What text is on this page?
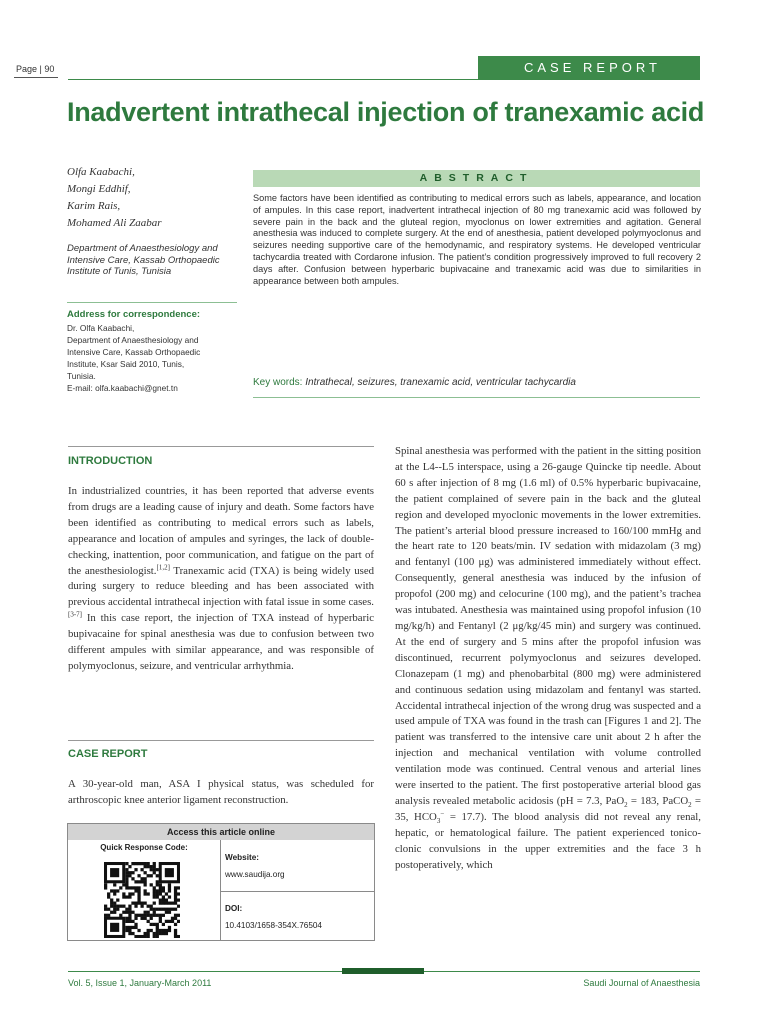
Page | 90	CASE REPORT
Inadvertent intrathecal injection of tranexamic acid
Olfa Kaabachi,
Mongi Eddhif,
Karim Rais,
Mohamed Ali Zaabar
Department of Anaesthesiology and Intensive Care, Kassab Orthopaedic Institute of Tunis, Tunisia
Address for correspondence:
Dr. Olfa Kaabachi,
Department of Anaesthesiology and
Intensive Care, Kassab Orthopaedic
Institute, Ksar Said 2010, Tunis,
Tunisia.
E-mail: olfa.kaabachi@gnet.tn
ABSTRACT
Some factors have been identified as contributing to medical errors such as labels, appearance, and location of ampules. In this case report, inadvertent intrathecal injection of 80 mg tranexamic acid was followed by severe pain in the back and the gluteal region, myoclonus on lower extremities and agitation. General anesthesia was induced to complete surgery. At the end of anesthesia, patient developed polymyoclonus and seizures needing supportive care of the hemodynamic, and respiratory systems. He developed ventricular tachycardia treated with Cordarone infusion. The patient’s condition progressively improved to full recovery 2 days after. Confusion between hyperbaric bupivacaine and tranexamic acid was due to similarities in appearance between both ampules.
Key words: Intrathecal, seizures, tranexamic acid, ventricular tachycardia
INTRODUCTION
In industrialized countries, it has been reported that adverse events from drugs are a leading cause of injury and death. Some factors have been identified as contributing to medical errors such as labels, appearance and location of ampules and syringes, the lack of double-checking, inattention, poor communication, and fatigue on the part of the anesthesiologist.[1,2] Tranexamic acid (TXA) is being widely used during surgery to reduce bleeding and has been associated with previous accidental intrathecal injection with fatal issue in some cases.[3-7] In this case report, the injection of TXA instead of hyperbaric bupivacaine for spinal anesthesia was due to confusion between two different ampules with similar appearance, and was responsible of polymyoclonus, seizure, and ventricular arrhythmia.
CASE REPORT
A 30-year-old man, ASA I physical status, was scheduled for arthroscopic knee anterior ligament reconstruction.
Access this article online
Quick Response Code:
Website:
www.saudija.org
DOI:
10.4103/1658-354X.76504
Spinal anesthesia was performed with the patient in the sitting position at the L4--L5 interspace, using a 26-gauge Quincke tip needle. About 60 s after injection of 8 mg (1.6 ml) of 0.5% hyperbaric bupivacaine, the patient complained of severe pain in the back and the gluteal region and developed myoclonic movements in the lower extremities. The patient’s arterial blood pressure increased to 160/100 mmHg and the heart rate to 120 beats/min. IV sedation with midazolam (3 mg) and fentanyl (100 μg) was administered immediately without effect. Consequently, general anesthesia was induced by the infusion of propofol (200 mg) and celocurine (100 mg), and the patient’s trachea was intubated. Anesthesia was maintained using propofol infusion (10 mg/kg/h) and Fentanyl (2 μg/kg/45 min) and surgery was continued. At the end of surgery and 5 mins after the propofol infusion was discontinued, recurrent polymyoclonus and seizures developed. Clonazepam (1 mg) and phenobarbital (800 mg) were administered and continuous sedation using midazolam and fentanyl was started. Accidental intrathecal injection of the wrong drug was suspected and a used ampule of TXA was found in the trash can [Figures 1 and 2]. The patient was transferred to the intensive care unit about 2 h after the injection and mechanical ventilation with volume controlled ventilation mode was continued. Central venous and arterial lines were inserted to the patient. The first postoperative arterial blood gas analysis revealed metabolic acidosis (pH = 7.3, PaO$_2$ = 183, PaCO$_2$ = 35, $HCO_3^- = 17.7$). The blood analysis did not reveal any renal, hepatic, or hematological failure. The patient experienced tonico-clonic convulsions in the upper extremities and the face 3 h postoperatively, which
Vol. 5, Issue 1, January-March 2011	Saudi Journal of Anaesthesia
